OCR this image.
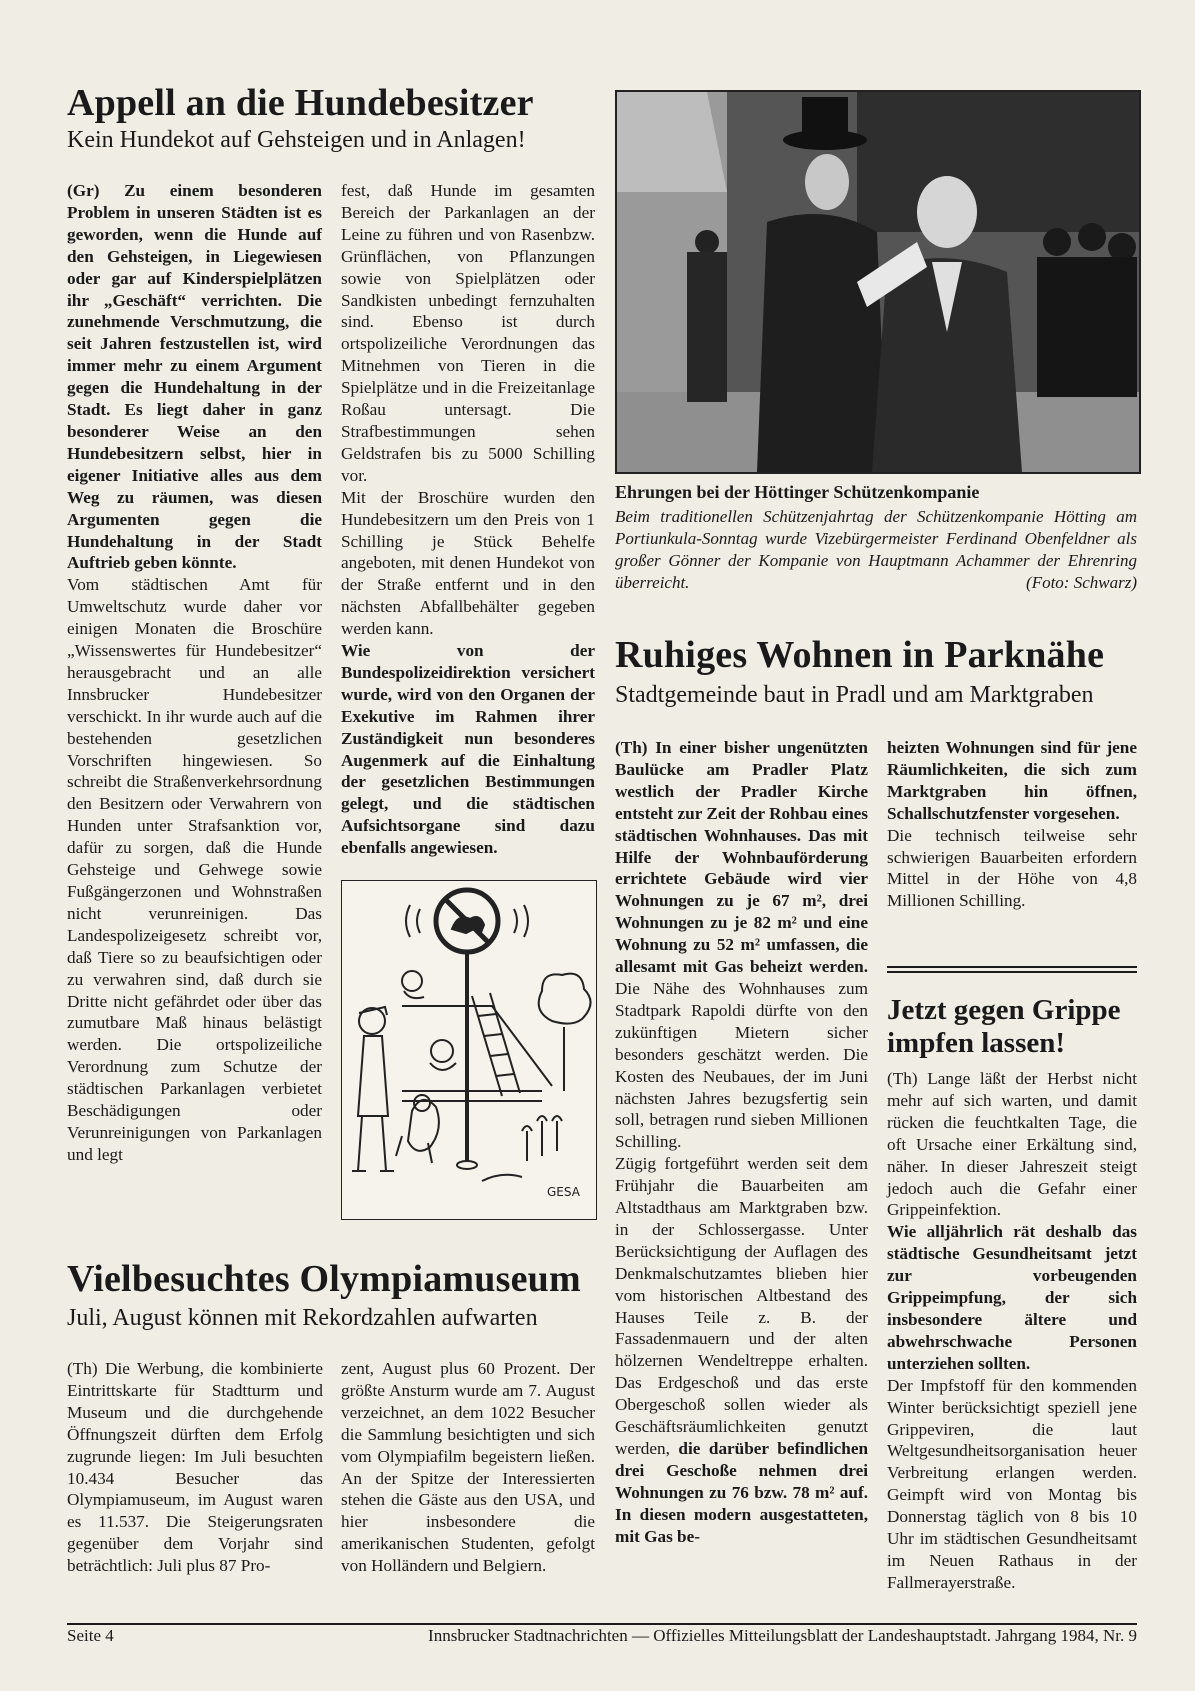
Appell an die Hundebesitzer
Kein Hundekot auf Gehsteigen und in Anlagen!

(Gr) Zu einem besonderen Problem in unseren Städten ist es geworden, wenn die Hunde auf den Gehsteigen, in Liegewiesen oder gar auf Kinderspielplätzen ihr „Geschäft“ verrichten. Die zunehmende Verschmutzung, die seit Jahren festzustellen ist, wird immer mehr zu einem Argument gegen die Hundehaltung in der Stadt. Es liegt daher in ganz besonderer Weise an den Hundebesitzern selbst, hier in eigener Initiative alles aus dem Weg zu räumen, was diesen Argumenten gegen die Hundehaltung in der Stadt Auftrieb geben könnte.

Vom städtischen Amt für Umweltschutz wurde daher vor einigen Monaten die Broschüre „Wissenswertes für Hundebesitzer“ herausgebracht und an alle Innsbrucker Hundebesitzer verschickt. In ihr wurde auch auf die bestehenden gesetzlichen Vorschriften hingewiesen. So schreibt die Straßenverkehrsordnung den Besitzern oder Verwahrern von Hunden unter Strafsanktion vor, dafür zu sorgen, daß die Hunde Gehsteige und Gehwege sowie Fußgängerzonen und Wohnstraßen nicht verunreinigen. Das Landespolizeigesetz schreibt vor, daß Tiere so zu beaufsichtigen oder zu verwahren sind, daß durch sie Dritte nicht gefährdet oder über das zumutbare Maß hinaus belästigt werden. Die ortspolizeiliche Verordnung zum Schutze der städtischen Parkanlagen verbietet Beschädigungen oder Verunreinigungen von Parkanlagen und legt

fest, daß Hunde im gesamten Bereich der Parkanlagen an der Leine zu führen und von Rasenbzw. Grünflächen, von Pflanzungen sowie von Spielplätzen oder Sandkisten unbedingt fernzuhalten sind. Ebenso ist durch ortspolizeiliche Verordnungen das Mitnehmen von Tieren in die Spielplätze und in die Freizeitanlage Roßau untersagt. Die Strafbestimmungen sehen Geldstrafen bis zu 5000 Schilling vor.

Mit der Broschüre wurden den Hundebesitzern um den Preis von 1 Schilling je Stück Behelfe angeboten, mit denen Hundekot von der Straße entfernt und in den nächsten Abfallbehälter gegeben werden kann.

Wie von der Bundespolizeidirektion versichert wurde, wird von den Organen der Exekutive im Rahmen ihrer Zuständigkeit nun besonderes Augenmerk auf die Einhaltung der gesetzlichen Bestimmungen gelegt, und die städtischen Aufsichtsorgane sind dazu ebenfalls angewiesen.

GESA
Ehrungen bei der Höttinger Schützenkompanie
Beim traditionellen Schützenjahrtag der Schützenkompanie Hötting am Portiunkula-Sonntag wurde Vizebürgermeister Ferdinand Obenfeldner als großer Gönner der Kompanie von Hauptmann Achammer der Ehrenring überreicht.	(Foto: Schwarz)
Ruhiges Wohnen in Parknähe
Stadtgemeinde baut in Pradl und am Marktgraben

(Th) In einer bisher ungenützten Baulücke am Pradler Platz westlich der Pradler Kirche entsteht zur Zeit der Rohbau eines städtischen Wohnhauses. Das mit Hilfe der Wohnbauförderung errichtete Gebäude wird vier Wohnungen zu je 67 m², drei Wohnungen zu je 82 m² und eine Wohnung zu 52 m² umfassen, die allesamt mit Gas beheizt werden. Die Nähe des Wohnhauses zum Stadtpark Rapoldi dürfte von den zukünftigen Mietern sicher besonders geschätzt werden. Die Kosten des Neubaues, der im Juni nächsten Jahres bezugsfertig sein soll, betragen rund sieben Millionen Schilling.

Zügig fortgeführt werden seit dem Frühjahr die Bauarbeiten am Altstadthaus am Marktgraben bzw. in der Schlossergasse. Unter Berücksichtigung der Auflagen des Denkmalschutzamtes blieben hier vom historischen Altbestand des Hauses Teile z. B. der Fassadenmauern und der alten hölzernen Wendeltreppe erhalten. Das Erdgeschoß und das erste Obergeschoß sollen wieder als Geschäftsräumlichkeiten genutzt werden, die darüber befindlichen drei Geschoße nehmen drei Wohnungen zu 76 bzw. 78 m² auf. In diesen modern ausgestatteten, mit Gas be-

heizten Wohnungen sind für jene Räumlichkeiten, die sich zum Marktgraben hin öffnen, Schallschutzfenster vorgesehen.

Die technisch teilweise sehr schwierigen Bauarbeiten erfordern Mittel in der Höhe von 4,8 Millionen Schilling.

Jetzt gegen Grippe
impfen lassen!

(Th) Lange läßt der Herbst nicht mehr auf sich warten, und damit rücken die feuchtkalten Tage, die oft Ursache einer Erkältung sind, näher. In dieser Jahreszeit steigt jedoch auch die Gefahr einer Grippeinfektion.

Wie alljährlich rät deshalb das städtische Gesundheitsamt jetzt zur vorbeugenden Grippeimpfung, der sich insbesondere ältere und abwehrschwache Personen unterziehen sollten.

Der Impfstoff für den kommenden Winter berücksichtigt speziell jene Grippeviren, die laut Weltgesundheitsorganisation heuer Verbreitung erlangen werden. Geimpft wird von Montag bis Donnerstag täglich von 8 bis 10 Uhr im städtischen Gesundheitsamt im Neuen Rathaus in der Fallmerayerstraße.

Vielbesuchtes Olympiamuseum
Juli, August können mit Rekordzahlen aufwarten

(Th) Die Werbung, die kombinierte Eintrittskarte für Stadtturm und Museum und die durchgehende Öffnungszeit dürften dem Erfolg zugrunde liegen: Im Juli besuchten 10.434 Besucher das Olympiamuseum, im August waren es 11.537. Die Steigerungsraten gegenüber dem Vorjahr sind beträchtlich: Juli plus 87 Pro-

zent, August plus 60 Prozent. Der größte Ansturm wurde am 7. August verzeichnet, an dem 1022 Besucher die Sammlung besichtigten und sich vom Olympiafilm begeistern ließen. An der Spitze der Interessierten stehen die Gäste aus den USA, und hier insbesondere die amerikanischen Studenten, gefolgt von Holländern und Belgiern.

Seite 4	Innsbrucker Stadtnachrichten — Offizielles Mitteilungsblatt der Landeshauptstadt. Jahrgang 1984, Nr. 9
